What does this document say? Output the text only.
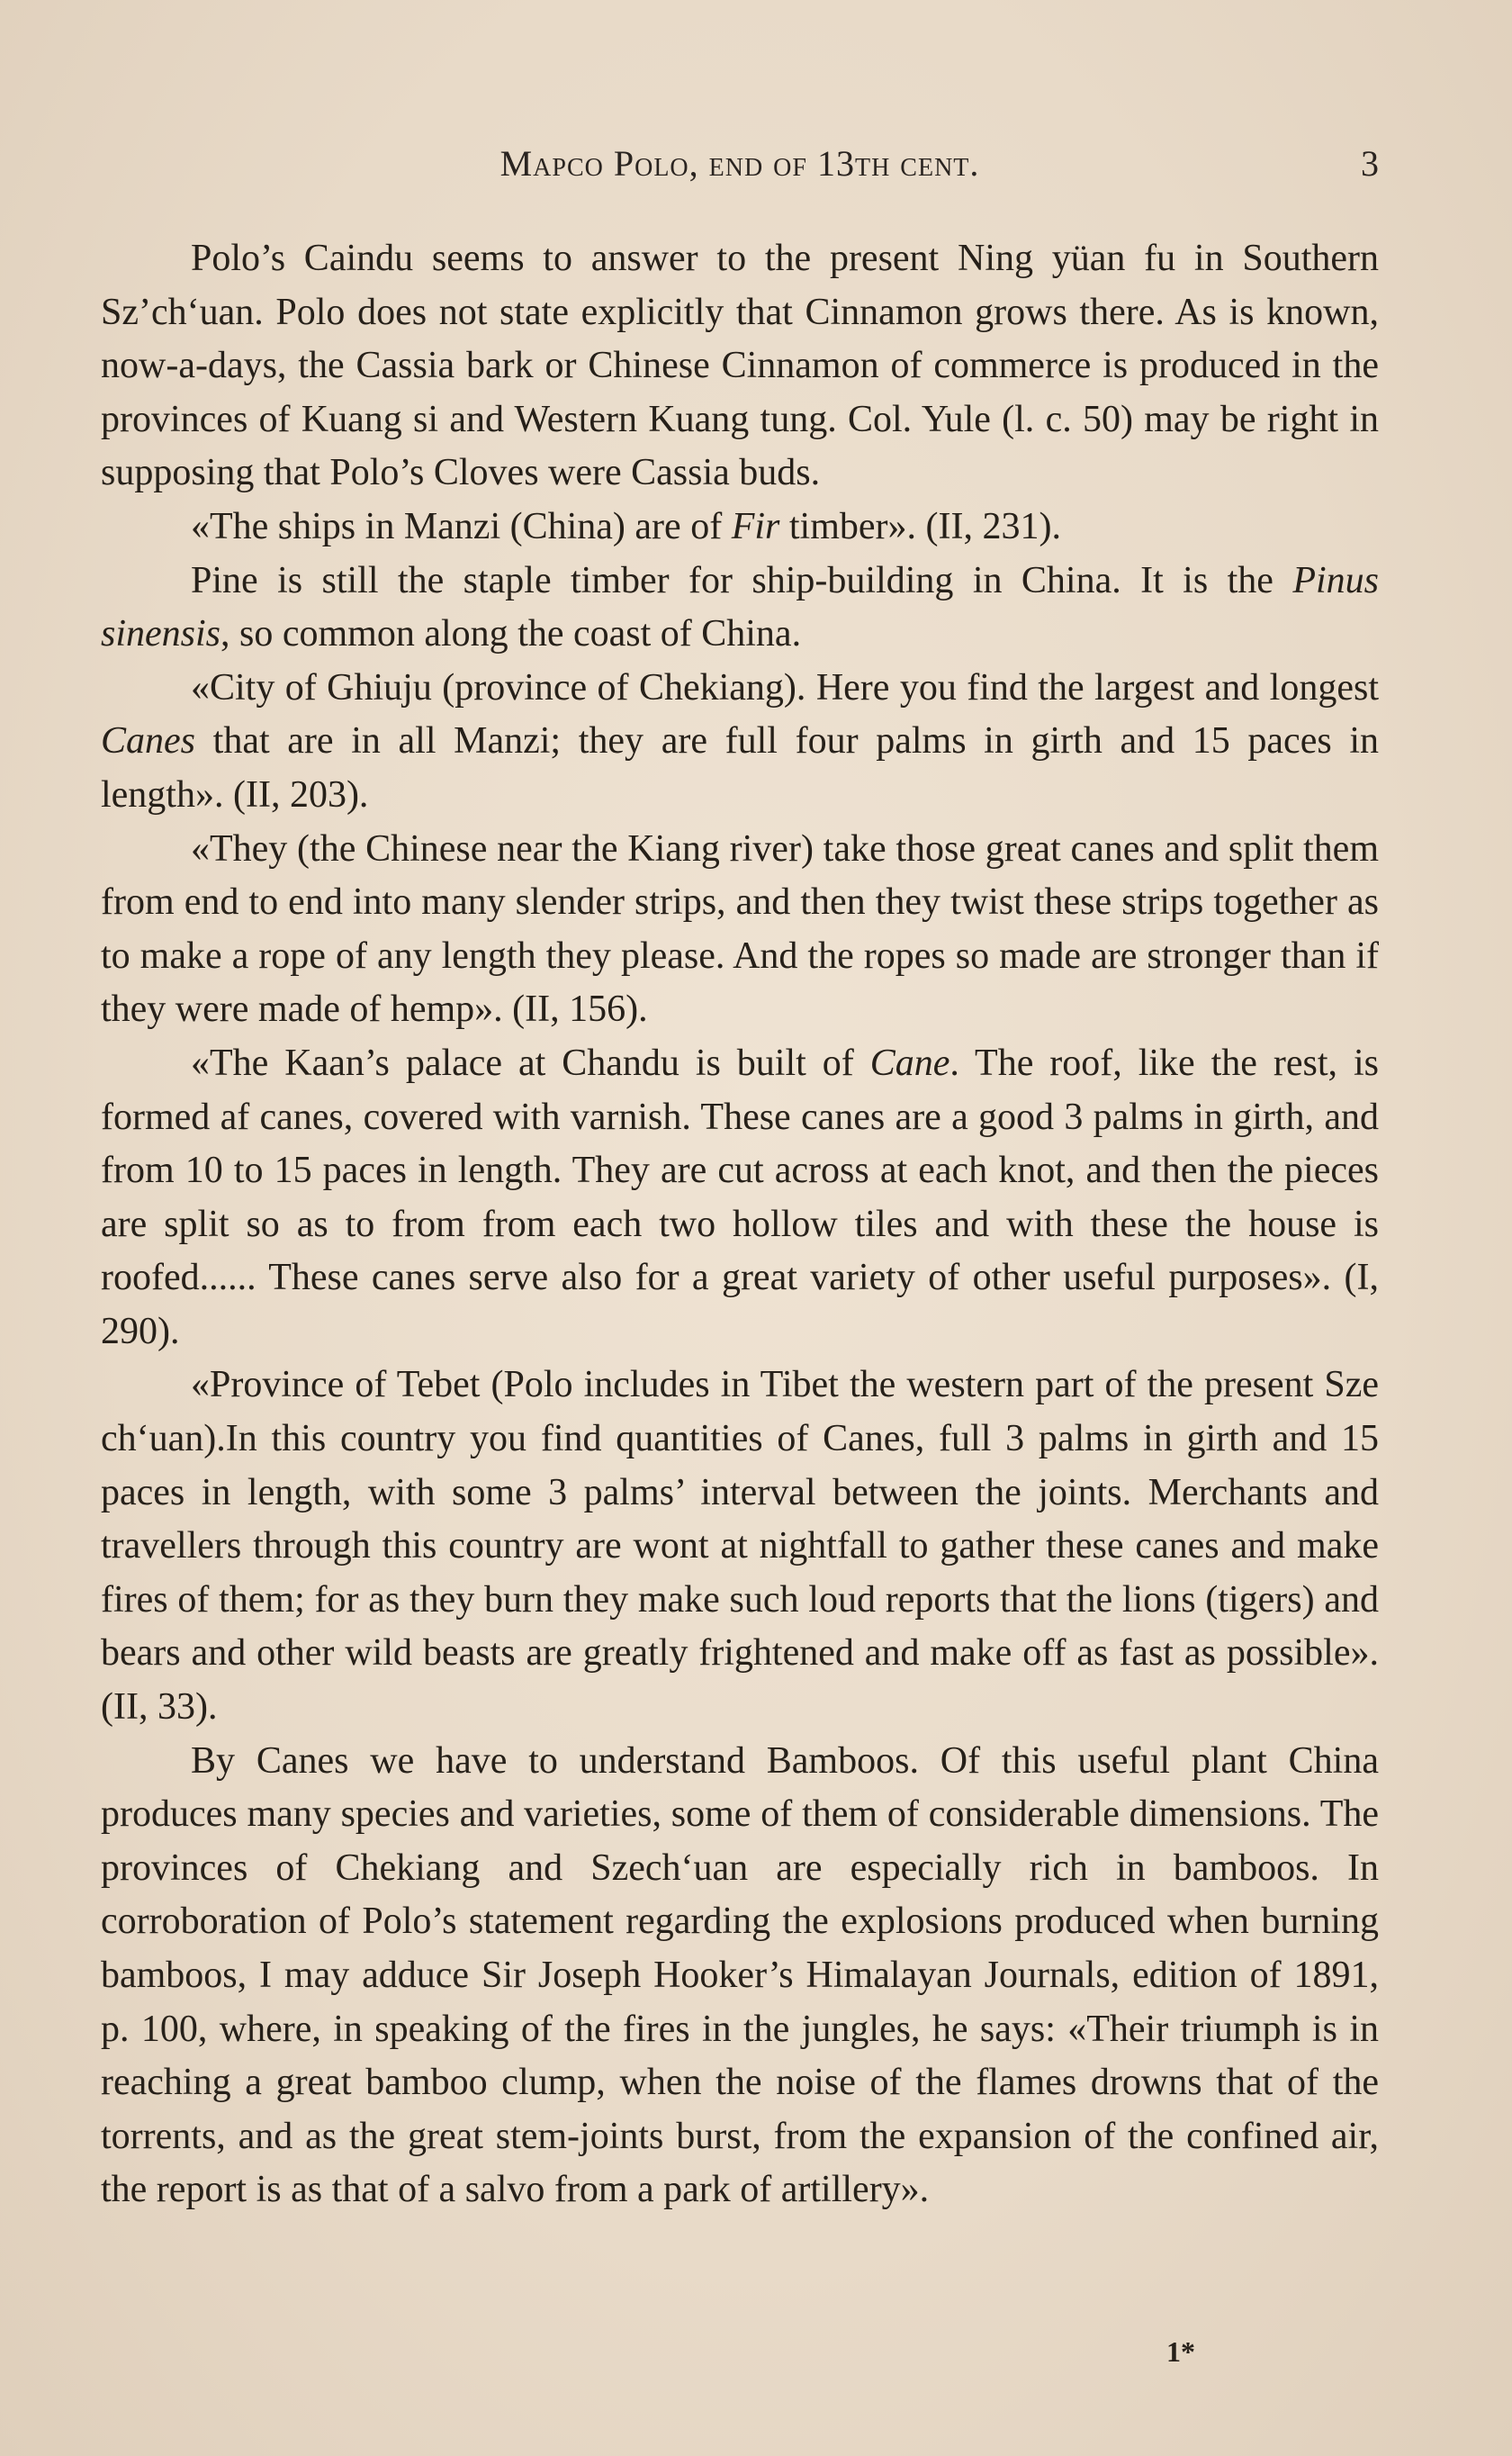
Mapco Polo, end of 13th cent.	3

Polo’s Caindu seems to answer to the present Ning yüan fu in Southern Sz’chʻuan. Polo does not state explicitly that Cinnamon grows there. As is known, now-a-days, the Cassia bark or Chinese Cinnamon of commerce is produced in the provinces of Kuang si and Western Kuang tung. Col. Yule (l. c. 50) may be right in supposing that Polo’s Cloves were Cassia buds.

«The ships in Manzi (China) are of Fir timber». (II, 231).

Pine is still the staple timber for ship-building in China. It is the Pinus sinensis, so common along the coast of China.

«City of Ghiuju (province of Chekiang). Here you find the largest and longest Canes that are in all Manzi; they are full four palms in girth and 15 paces in length». (II, 203).

«They (the Chinese near the Kiang river) take those great canes and split them from end to end into many slender strips, and then they twist these strips together as to make a rope of any length they please. And the ropes so made are stronger than if they were made of hemp». (II, 156).

«The Kaan’s palace at Chandu is built of Cane. The roof, like the rest, is formed af canes, covered with varnish. These canes are a good 3 palms in girth, and from 10 to 15 paces in length. They are cut across at each knot, and then the pieces are split so as to from from each two hollow tiles and with these the house is roofed...... These canes serve also for a great variety of other useful purposes». (I, 290).

«Province of Tebet (Polo includes in Tibet the western part of the present Sze chʻuan).In this country you find quantities of Canes, full 3 palms in girth and 15 paces in length, with some 3 palms’ interval between the joints. Merchants and travellers through this country are wont at nightfall to gather these canes and make fires of them; for as they burn they make such loud reports that the lions (tigers) and bears and other wild beasts are greatly frightened and make off as fast as possible». (II, 33).

By Canes we have to understand Bamboos. Of this useful plant China produces many species and varieties, some of them of considerable dimensions. The provinces of Chekiang and Szechʻuan are especially rich in bamboos. In corroboration of Polo’s statement regarding the explosions produced when burning bamboos, I may adduce Sir Joseph Hooker’s Himalayan Journals, edition of 1891, p. 100, where, in speaking of the fires in the jungles, he says: «Their triumph is in reaching a great bamboo clump, when the noise of the flames drowns that of the torrents, and as the great stem-joints burst, from the expansion of the confined air, the report is as that of a salvo from a park of artillery».

1*
